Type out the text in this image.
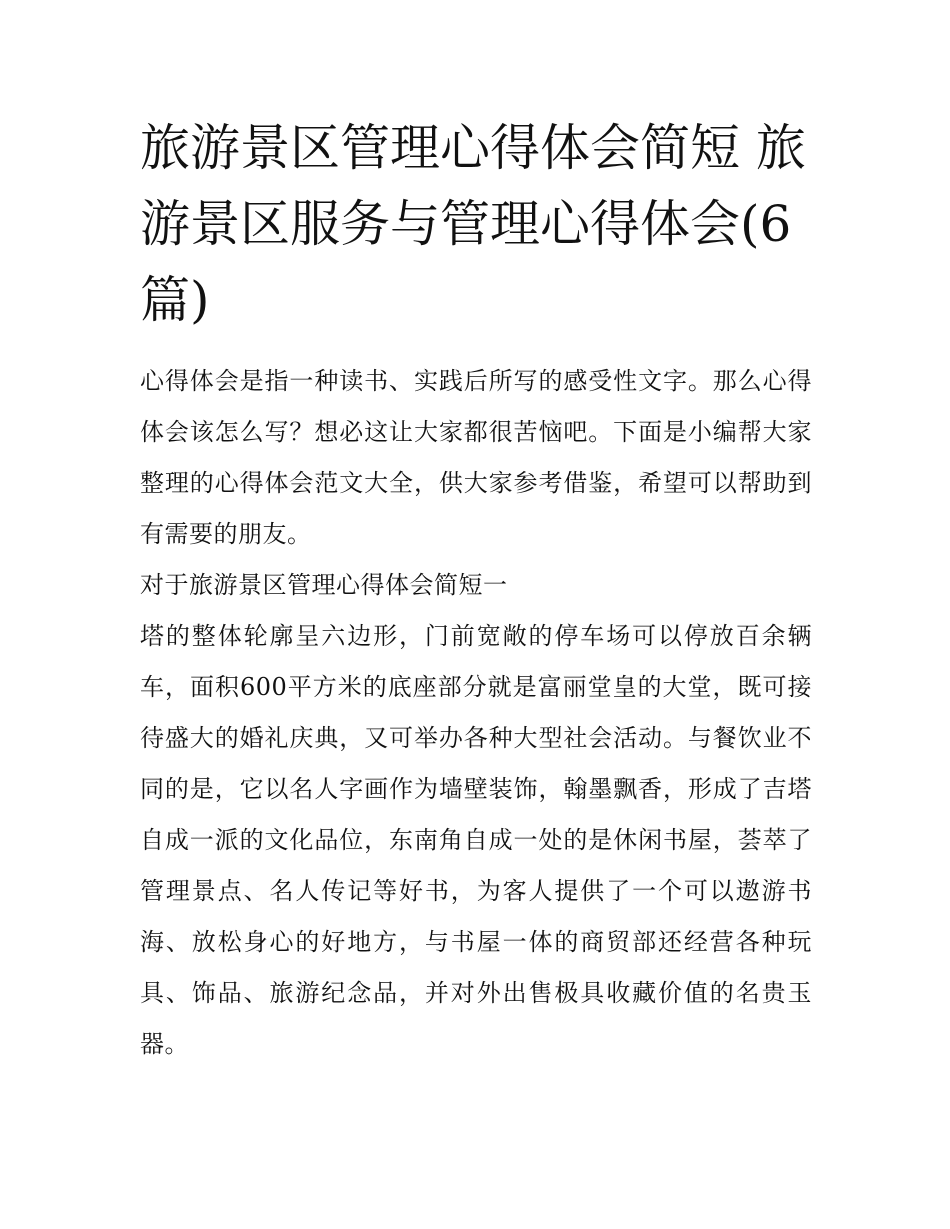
旅游景区管理心得体会简短 旅游景区服务与管理心得体会(6篇)

心得体会是指一种读书、实践后所写的感受性文字。那么心得体会该怎么写？想必这让大家都很苦恼吧。下面是小编帮大家整理的心得体会范文大全，供大家参考借鉴，希望可以帮助到有需要的朋友。

对于旅游景区管理心得体会简短一

塔的整体轮廓呈六边形，门前宽敞的停车场可以停放百余辆车，面积600平方米的底座部分就是富丽堂皇的大堂，既可接待盛大的婚礼庆典，又可举办各种大型社会活动。与餐饮业不同的是，它以名人字画作为墙壁装饰，翰墨飘香，形成了吉塔自成一派的文化品位，东南角自成一处的是休闲书屋，荟萃了管理景点、名人传记等好书，为客人提供了一个可以遨游书海、放松身心的好地方，与书屋一体的商贸部还经营各种玩具、饰品、旅游纪念品，并对外出售极具收藏价值的名贵玉器。
